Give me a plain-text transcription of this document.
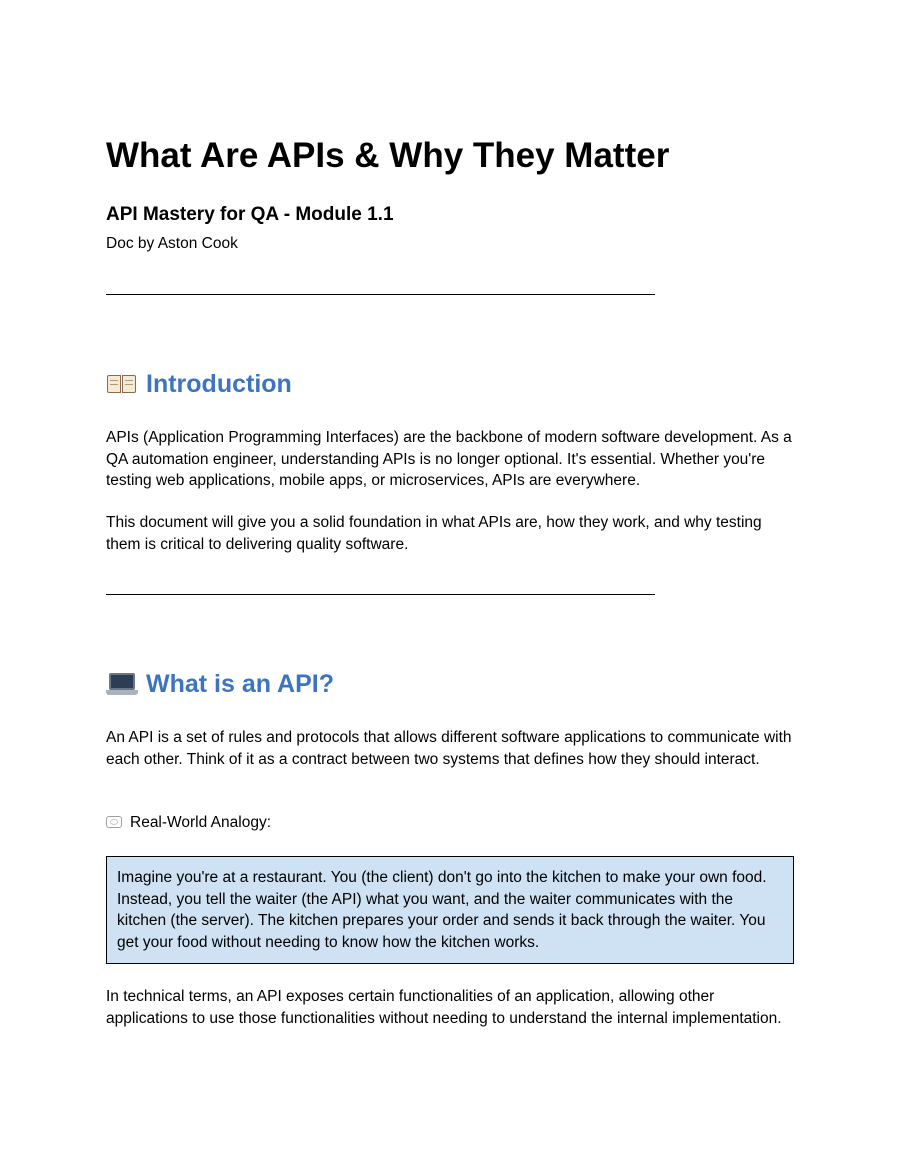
What Are APIs & Why They Matter
API Mastery for QA - Module 1.1

Doc by Aston Cook

Introduction

APIs (Application Programming Interfaces) are the backbone of modern software development. As a QA automation engineer, understanding APIs is no longer optional. It's essential. Whether you're testing web applications, mobile apps, or microservices, APIs are everywhere.

This document will give you a solid foundation in what APIs are, how they work, and why testing them is critical to delivering quality software.

What is an API?

An API is a set of rules and protocols that allows different software applications to communicate with each other. Think of it as a contract between two systems that defines how they should interact.

Real-World Analogy:

Imagine you're at a restaurant. You (the client) don't go into the kitchen to make your own food. Instead, you tell the waiter (the API) what you want, and the waiter communicates with the kitchen (the server). The kitchen prepares your order and sends it back through the waiter. You get your food without needing to know how the kitchen works.

In technical terms, an API exposes certain functionalities of an application, allowing other applications to use those functionalities without needing to understand the internal implementation.
